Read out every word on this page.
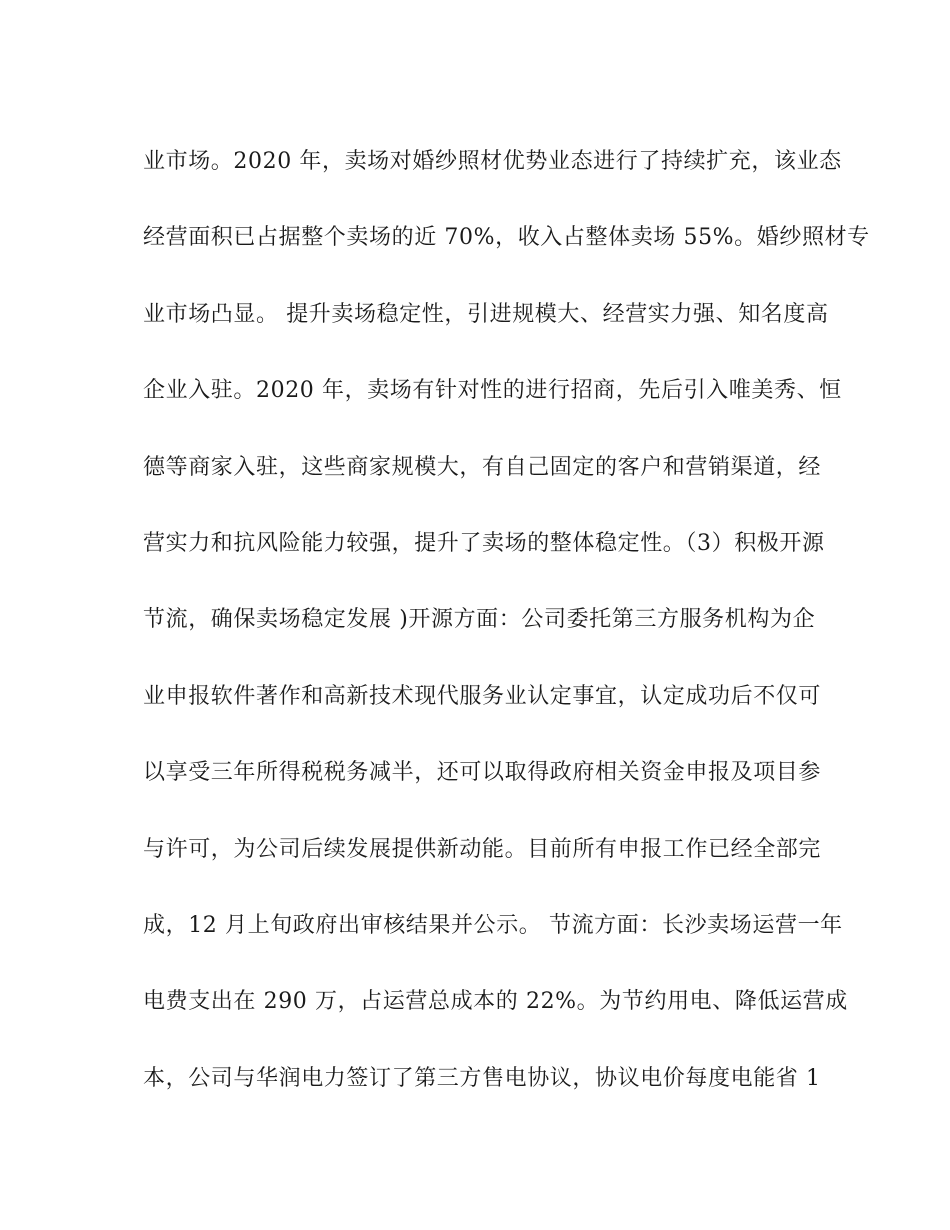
业市场。2020 年，卖场对婚纱照材优势业态进行了持续扩充，该业态
经营面积已占据整个卖场的近 70%，收入占整体卖场 55%。婚纱照材专
业市场凸显。 提升卖场稳定性，引进规模大、经营实力强、知名度高
企业入驻。2020 年，卖场有针对性的进行招商，先后引入唯美秀、恒
德等商家入驻，这些商家规模大，有自己固定的客户和营销渠道，经
营实力和抗风险能力较强，提升了卖场的整体稳定性。（3）积极开源
节流，确保卖场稳定发展 )开源方面：公司委托第三方服务机构为企
业申报软件著作和高新技术现代服务业认定事宜，认定成功后不仅可
以享受三年所得税税务减半，还可以取得政府相关资金申报及项目参
与许可，为公司后续发展提供新动能。目前所有申报工作已经全部完
成，12 月上旬政府出审核结果并公示。 节流方面：长沙卖场运营一年
电费支出在 290 万，占运营总成本的 22%。为节约用电、降低运营成
本，公司与华润电力签订了第三方售电协议，协议电价每度电能省 1
